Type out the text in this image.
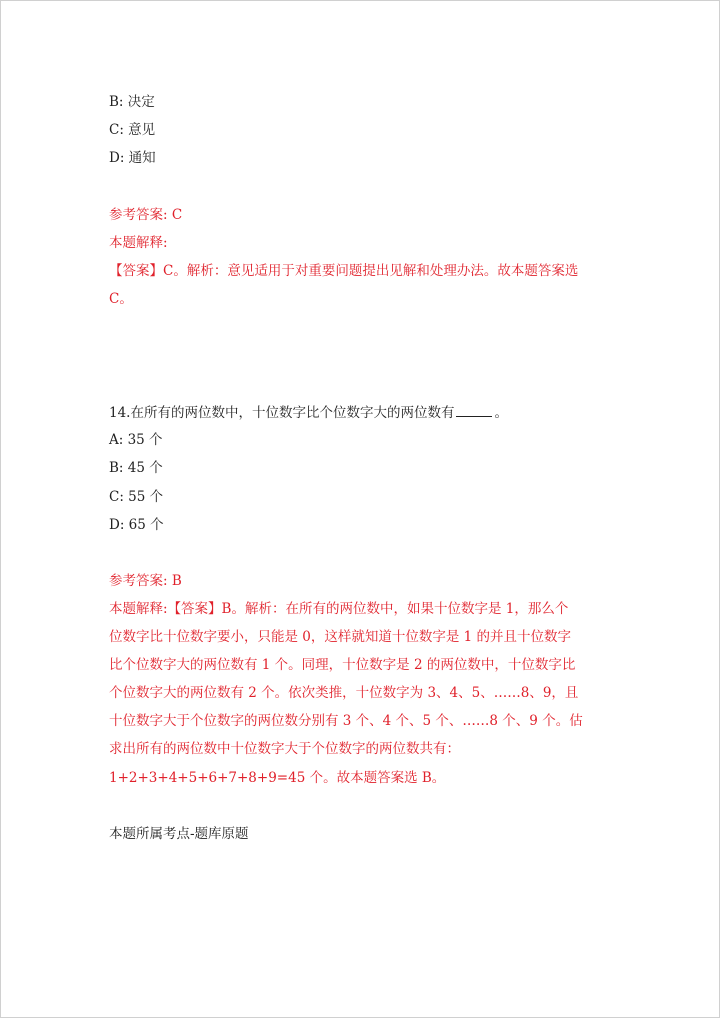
B: 决定

C: 意见

D: 通知

参考答案: C

本题解释:

【答案】C。解析：意见适用于对重要问题提出见解和处理办法。故本题答案选

C。

14.在所有的两位数中，十位数字比个位数字大的两位数有	。

A: 35 个

B: 45 个

C: 55 个

D: 65 个

参考答案: B

本题解释:【答案】B。解析：在所有的两位数中，如果十位数字是 1，那么个

位数字比十位数字要小，只能是 0，这样就知道十位数字是 1 的并且十位数字

比个位数字大的两位数有 1 个。同理，十位数字是 2 的两位数中，十位数字比

个位数字大的两位数有 2 个。依次类推，十位数字为 3、4、5、……8、9，且

十位数字大于个位数字的两位数分别有 3 个、4 个、5 个、……8 个、9 个。估

求出所有的两位数中十位数字大于个位数字的两位数共有：

1+2+3+4+5+6+7+8+9=45 个。故本题答案选 B。

本题所属考点-题库原题
